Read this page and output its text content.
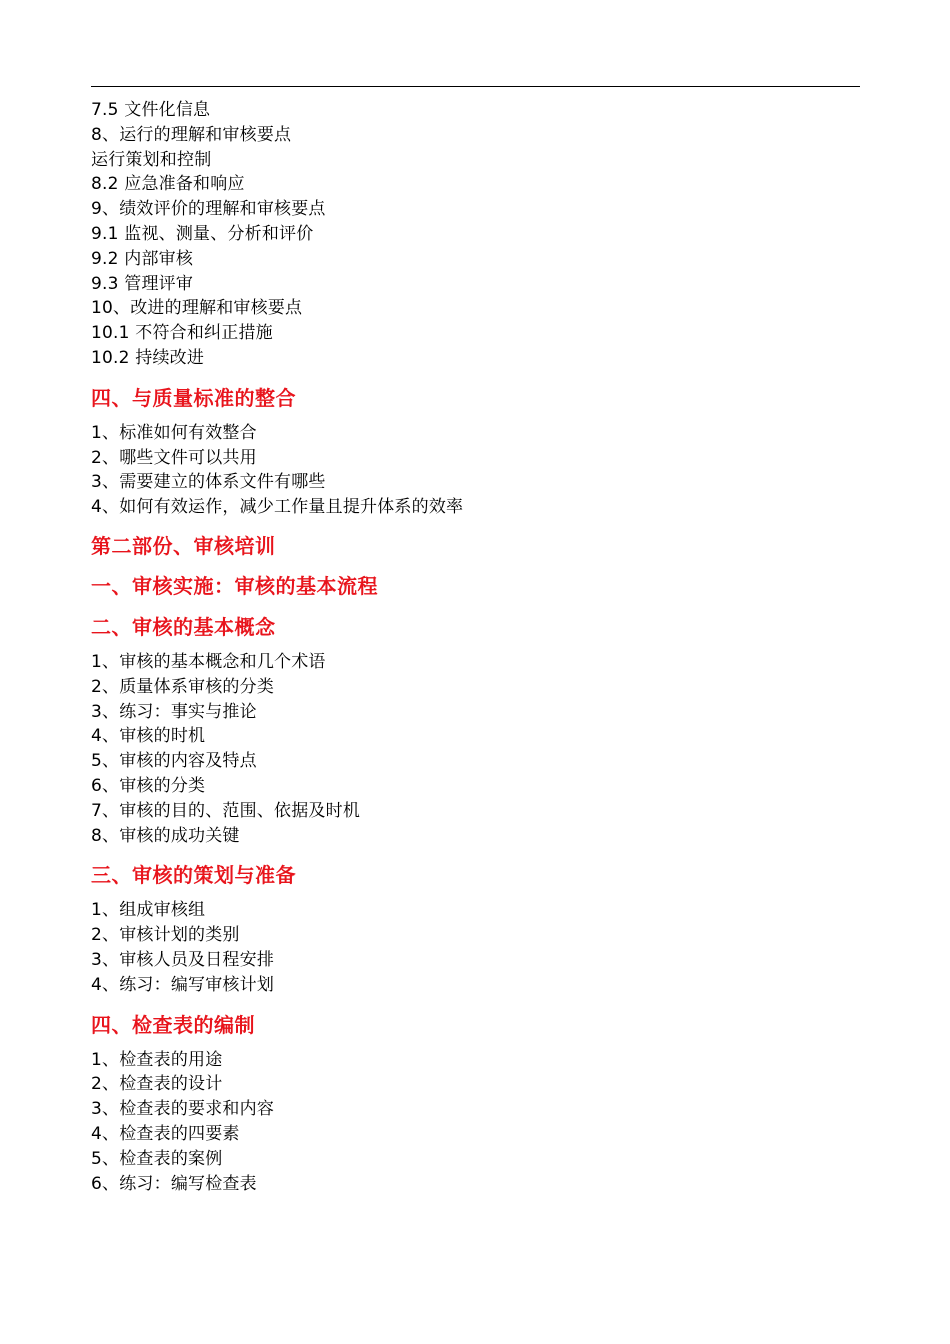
7.5 文件化信息
8、运行的理解和审核要点
运行策划和控制
8.2 应急准备和响应
9、绩效评价的理解和审核要点
9.1 监视、测量、分析和评价
9.2 内部审核
9.3 管理评审
10、改进的理解和审核要点
10.1 不符合和纠正措施
10.2 持续改进
四、与质量标准的整合
1、标准如何有效整合
2、哪些文件可以共用
3、需要建立的体系文件有哪些
4、如何有效运作，减少工作量且提升体系的效率
第二部份、审核培训
一、审核实施：审核的基本流程
二、审核的基本概念
1、审核的基本概念和几个术语
2、质量体系审核的分类
3、练习：事实与推论
4、审核的时机
5、审核的内容及特点
6、审核的分类
7、审核的目的、范围、依据及时机
8、审核的成功关键
三、审核的策划与准备
1、组成审核组
2、审核计划的类别
3、审核人员及日程安排
4、练习：编写审核计划
四、检查表的编制
1、检查表的用途
2、检查表的设计
3、检查表的要求和内容
4、检查表的四要素
5、检查表的案例
6、练习：编写检查表
